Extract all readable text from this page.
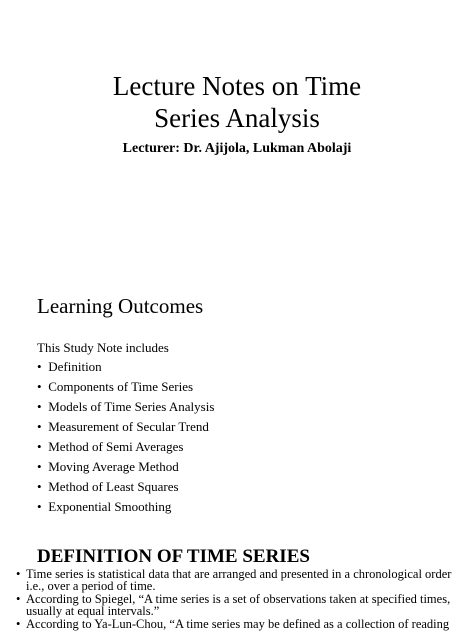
Lecture Notes on Time
Series Analysis

Lecturer: Dr. Ajijola, Lukman Abolaji

Learning Outcomes

This Study Note includes

• Definition
• Components of Time Series
• Models of Time Series Analysis
• Measurement of Secular Trend
• Method of Semi Averages
• Moving Average Method
• Method of Least Squares
• Exponential Smoothing
DEFINITION OF TIME SERIES
• Time series is statistical data that are arranged and presented in a chronological order i.e., over a period of time.
• According to Spiegel, “A time series is a set of observations taken at specified times, usually at equal intervals.”
• According to Ya-Lun-Chou, “A time series may be defined as a collection of reading
